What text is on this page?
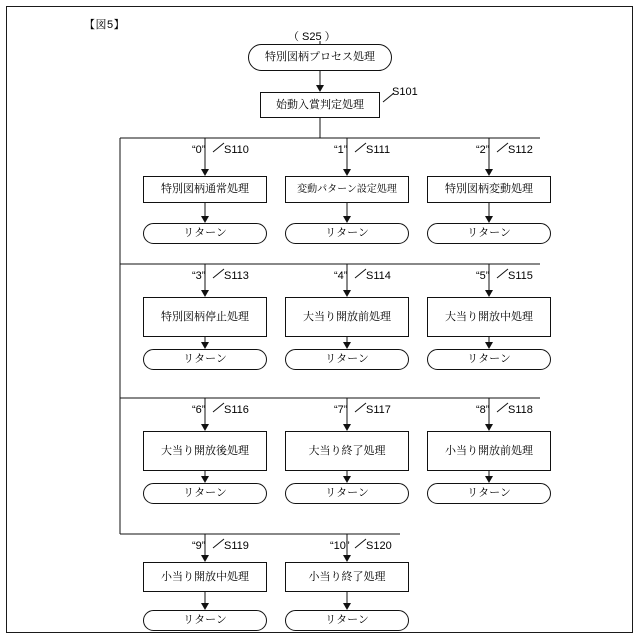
【図5】
（ S25 ）
特別図柄プロセス処理
始動入賞判定処理
S101
“0” S110
特別図柄通常処理
リターン
“1” S111
変動パターン設定処理
リターン
“2” S112
特別図柄変動処理
リターン
“3” S113
特別図柄停止処理
リターン
“4” S114
大当り開放前処理
リターン
“5” S115
大当り開放中処理
リターン
“6” S116
大当り開放後処理
リターン
“7” S117
大当り終了処理
リターン
“8” S118
小当り開放前処理
リターン
“9” S119
小当り開放中処理
リターン
“10” S120
小当り終了処理
リターン
